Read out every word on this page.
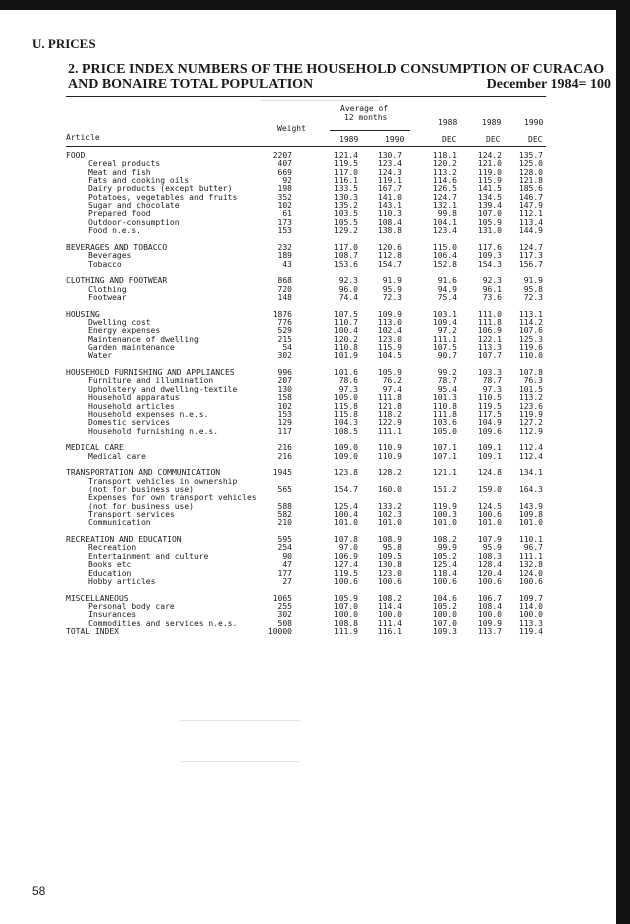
U. PRICES
2. PRICE INDEX NUMBERS OF THE HOUSEHOLD CONSUMPTION OF CURACAO
AND BONAIRE TOTAL POPULATION	December 1984= 100
Average of
12 months
Weight
Article	1989	1990
1988	1989	1990
DEC	DEC	DEC
FOOD	2207	121.4	130.7	118.1	124.2	135.7
Cereal products	407	119.5	123.4	120.2	121.0	125.0
Meat and fish	669	117.0	124.3	113.2	119.0	128.0
Fats and cooking oils	92	116.1	119.1	114.6	115.9	121.8
Dairy products (except butter)	198	133.5	167.7	126.5	141.5	185.6
Potatoes, vegetables and fruits	352	130.3	141.0	124.7	134.5	146.7
Sugar and chocolate	102	135.2	143.1	132.1	139.4	147.9
Prepared food	61	103.5	110.3	99.8	107.0	112.1
Outdoor-consumption	173	105.5	108.4	104.1	105.9	113.4
Food n.e.s.	153	129.2	138.8	123.4	131.0	144.9
BEVERAGES AND TOBACCO	232	117.0	120.6	115.0	117.6	124.7
Beverages	189	108.7	112.8	106.4	109.3	117.3
Tobacco	43	153.6	154.7	152.8	154.3	156.7
CLOTHING AND FOOTWEAR	868	92.3	91.9	91.6	92.3	91.9
Clothing	720	96.0	95.9	94.9	96.1	95.8
Footwear	148	74.4	72.3	75.4	73.6	72.3
HOUSING	1876	107.5	109.9	103.1	111.0	113.1
Dwelling cost	776	110.7	113.0	109.4	111.8	114.2
Energy expenses	529	100.4	102.4	97.2	106.9	107.6
Maintenance of dwelling	215	120.2	123.0	111.1	122.1	125.3
Garden maintenance	54	110.8	115.9	107.5	113.3	119.6
Water	302	101.9	104.5	90.7	107.7	110.0
HOUSEHOLD FURNISHING AND APPLIANCES	996	101.6	105.9	99.2	103.3	107.8
Furniture and illumination	207	78.6	76.2	78.7	78.7	76.3
Upholstery and dwelling-textile	130	97.3	97.4	95.4	97.3	101.5
Household apparatus	158	105.0	111.8	101.3	110.5	113.2
Household articles	102	115.8	121.8	110.8	119.5	123.6
Household expenses n.e.s.	153	115.8	118.2	111.8	117.5	119.9
Domestic services	129	104.3	122.9	103.6	104.9	127.2
Household furnishing n.e.s.	117	108.5	111.1	105.0	109.6	112.9
MEDICAL CARE	216	109.0	110.9	107.1	109.1	112.4
Medical care	216	109.0	110.9	107.1	109.1	112.4
TRANSPORTATION AND COMMUNICATION	1945	123.8	128.2	121.1	124.8	134.1
Transport vehicles in ownership
(not for business use)	565	154.7	160.0	151.2	159.0	164.3
Expenses for own transport vehicles
(not for business use)	588	125.4	133.2	119.9	124.5	143.9
Transport services	582	100.4	102.3	100.3	100.6	109.8
Communication	210	101.0	101.0	101.0	101.0	101.0
RECREATION AND EDUCATION	595	107.8	108.9	108.2	107.9	110.1
Recreation	254	97.0	95.8	99.9	95.9	96.7
Entertainment and culture	90	106.9	109.5	105.2	108.3	111.1
Books etc	47	127.4	130.8	125.4	128.4	132.8
Education	177	119.5	123.0	118.4	120.4	124.0
Hobby articles	27	100.6	100.6	100.6	100.6	100.6
MISCELLANEOUS	1065	105.9	108.2	104.6	106.7	109.7
Personal body care	255	107.0	114.4	105.2	108.4	114.0
Insurances	302	100.0	100.0	100.0	100.0	100.0
Commodities and services n.e.s.	508	108.8	111.4	107.0	109.9	113.3
TOTAL INDEX	10000	111.9	116.1	109.3	113.7	119.4
58
